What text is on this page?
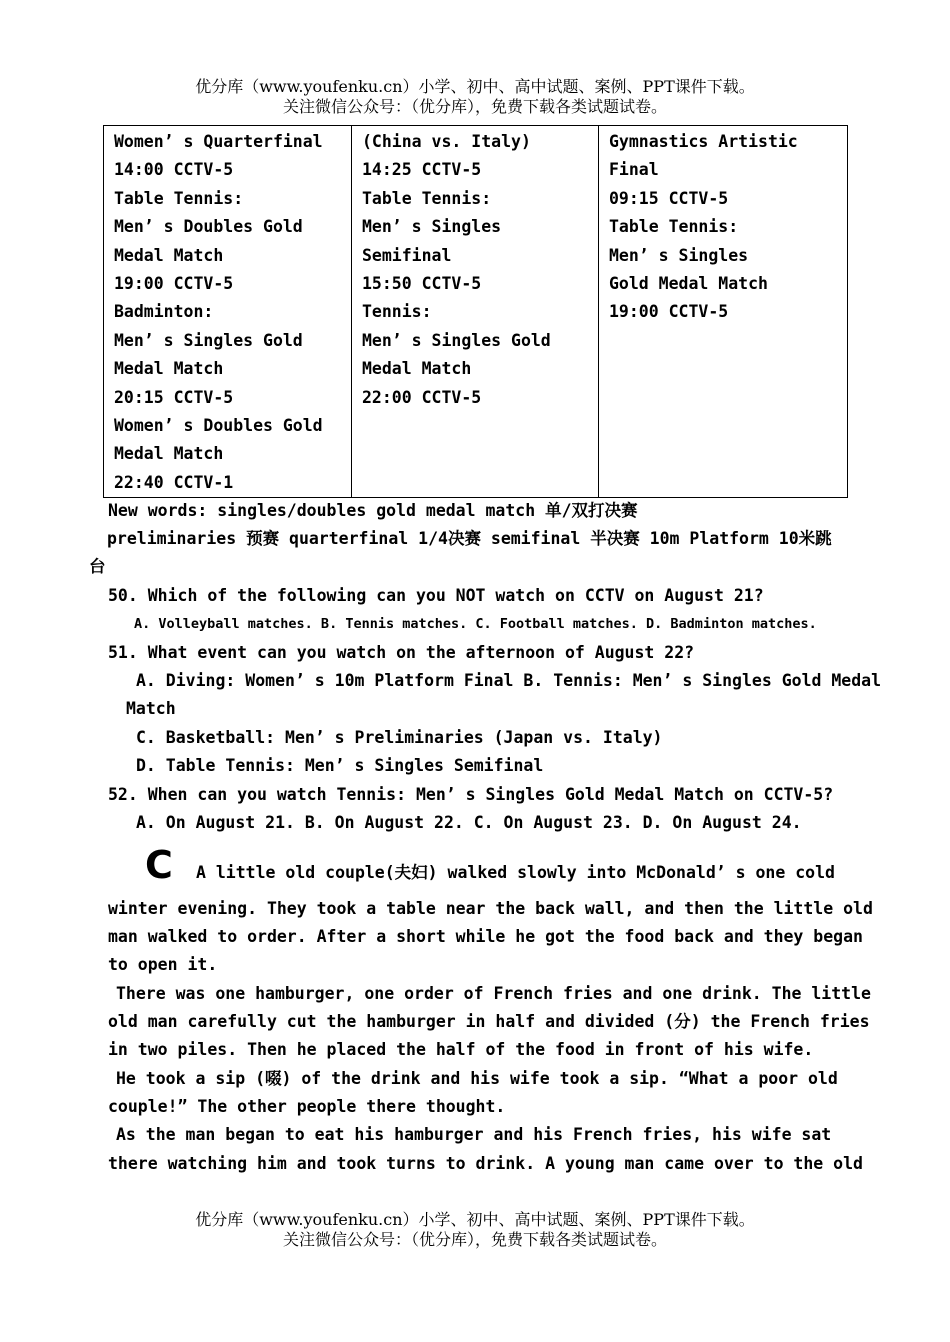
优分库（www.youfenku.cn）小学、初中、高中试题、案例、PPT课件下载。
关注微信公众号：（优分库），免费下载各类试题试卷。
Women’ s Quarterfinal
14:00 CCTV-5
Table Tennis:
Men’ s Doubles Gold
Medal Match
19:00 CCTV-5
Badminton:
Men’ s Singles Gold
Medal Match
20:15 CCTV-5
Women’ s Doubles Gold
Medal Match
22:40 CCTV-1

(China vs. Italy)
14:25 CCTV-5
Table Tennis:
Men’ s Singles
Semifinal
15:50 CCTV-5
Tennis:
Men’ s Singles Gold
Medal Match
22:00 CCTV-5

Gymnastics Artistic
Final
09:15 CCTV-5
Table Tennis:
Men’ s Singles
Gold Medal Match
19:00 CCTV-5
New words: singles/doubles gold medal match 单/双打决赛
preliminaries 预赛 quarterfinal 1/4决赛 semifinal 半决赛 10m Platform 10米跳
台
50. Which of the following can you NOT watch on CCTV on August 21?
A. Volleyball matches. B. Tennis matches. C. Football matches. D. Badminton matches.
51. What event can you watch on the afternoon of August 22?
A. Diving: Women’ s 10m Platform Final B. Tennis: Men’ s Singles Gold Medal
Match
C. Basketball: Men’ s Preliminaries (Japan vs. Italy)
D. Table Tennis: Men’ s Singles Semifinal
52. When can you watch Tennis: Men’ s Singles Gold Medal Match on CCTV-5?
A. On August 21. B. On August 22. C. On August 23. D. On August 24.
C A little old couple(夫妇) walked slowly into McDonald’ s one cold
winter evening. They took a table near the back wall, and then the little old
man walked to order. After a short while he got the food back and they began
to open it.
There was one hamburger, one order of French fries and one drink. The little
old man carefully cut the hamburger in half and divided (分) the French fries
in two piles. Then he placed the half of the food in front of his wife.
He took a sip (啜) of the drink and his wife took a sip. “What a poor old
couple!” The other people there thought.
As the man began to eat his hamburger and his French fries, his wife sat
there watching him and took turns to drink. A young man came over to the old
优分库（www.youfenku.cn）小学、初中、高中试题、案例、PPT课件下载。
关注微信公众号：（优分库），免费下载各类试题试卷。
